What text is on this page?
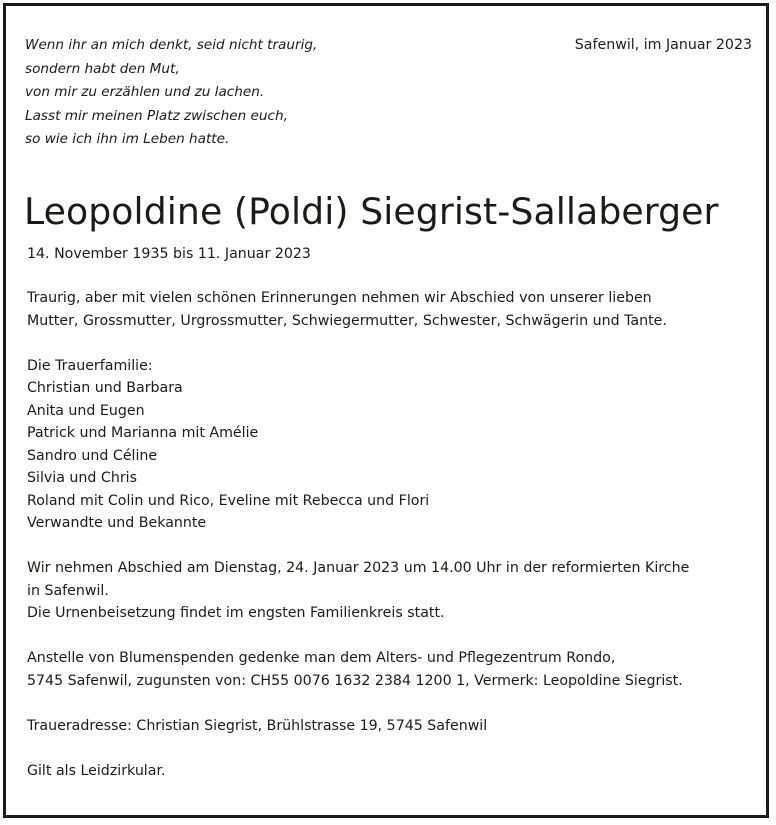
Wenn ihr an mich denkt, seid nicht traurig,
sondern habt den Mut,
von mir zu erzählen und zu lachen.
Lasst mir meinen Platz zwischen euch,
so wie ich ihn im Leben hatte.
Safenwil, im Januar 2023
Leopoldine (Poldi) Siegrist-Sallaberger
14. November 1935 bis 11. Januar 2023

Traurig, aber mit vielen schönen Erinnerungen nehmen wir Abschied von unserer lieben

Mutter, Grossmutter, Urgrossmutter, Schwiegermutter, Schwester, Schwägerin und Tante.

Die Trauerfamilie:

Christian und Barbara

Anita und Eugen

Patrick und Marianna mit Amélie

Sandro und Céline

Silvia und Chris

Roland mit Colin und Rico, Eveline mit Rebecca und Flori

Verwandte und Bekannte

Wir nehmen Abschied am Dienstag, 24. Januar 2023 um 14.00 Uhr in der reformierten Kirche

in Safenwil.

Die Urnenbeisetzung findet im engsten Familienkreis statt.

Anstelle von Blumenspenden gedenke man dem Alters- und Pflegezentrum Rondo,

5745 Safenwil, zugunsten von: CH55 0076 1632 2384 1200 1, Vermerk: Leopoldine Siegrist.

Traueradresse: Christian Siegrist, Brühlstrasse 19, 5745 Safenwil

Gilt als Leidzirkular.
